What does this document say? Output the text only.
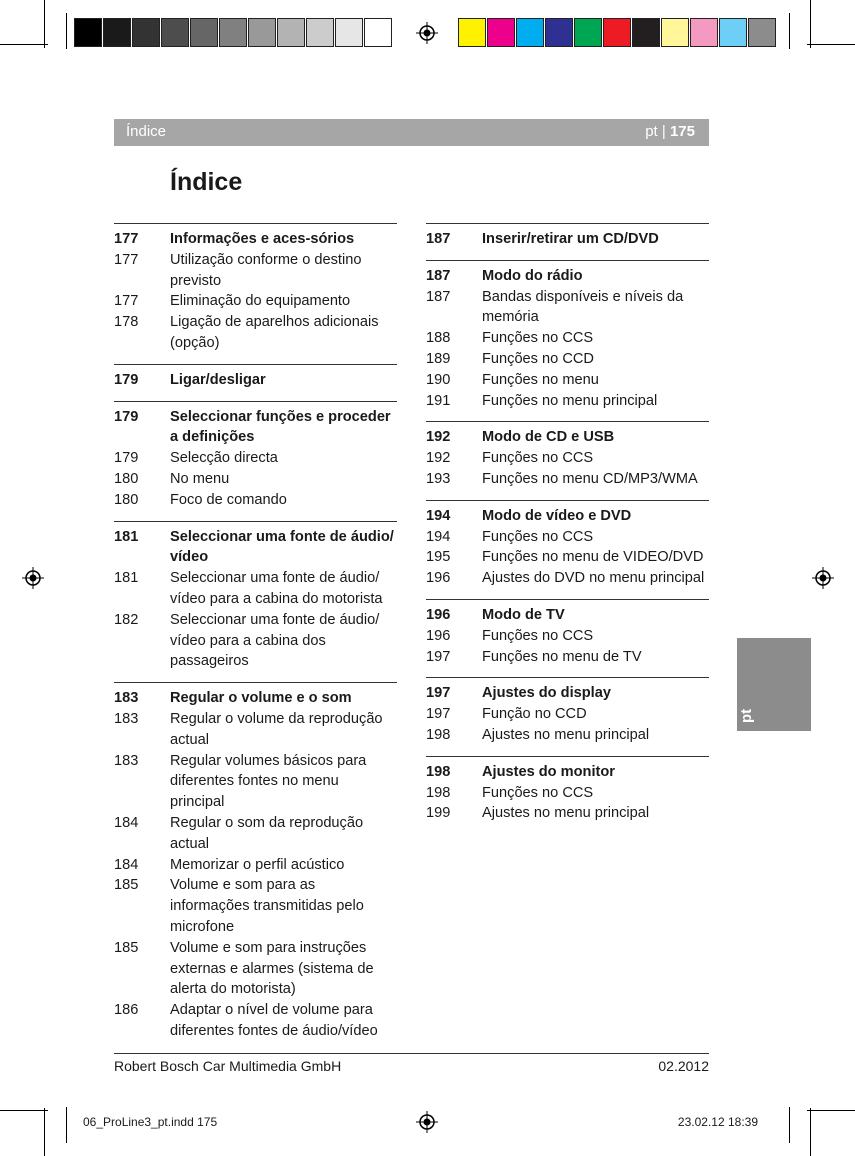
Índice	pt | 175
Índice
177 Informações e aces-sórios
177 Utilização conforme o destino previsto
177 Eliminação do equipamento
178 Ligação de aparelhos adicionais (opção)
179 Ligar/desligar
179 Seleccionar funções e proceder a definições
179 Selecção directa
180 No menu
180 Foco de comando
181 Seleccionar uma fonte de áudio/ vídeo
181 Seleccionar uma fonte de áudio/ vídeo para a cabina do motorista
182 Seleccionar uma fonte de áudio/ vídeo para a cabina dos passageiros
183 Regular o volume e o som
183 Regular o volume da reprodução actual
183 Regular volumes básicos para diferentes fontes no menu principal
184 Regular o som da reprodução actual
184 Memorizar o perfil acústico
185 Volume e som para as informações transmitidas pelo microfone
185 Volume e som para instruções externas e alarmes (sistema de alerta do motorista)
186 Adaptar o nível de volume para diferentes fontes de áudio/vídeo
187 Inserir/retirar um CD/DVD
187 Modo do rádio
187 Bandas disponíveis e níveis da memória
188 Funções no CCS
189 Funções no CCD
190 Funções no menu
191 Funções no menu principal
192 Modo de CD e USB
192 Funções no CCS
193 Funções no menu CD/MP3/WMA
194 Modo de vídeo e DVD
194 Funções no CCS
195 Funções no menu de VIDEO/DVD
196 Ajustes do DVD no menu principal
196 Modo de TV
196 Funções no CCS
197 Funções no menu de TV
197 Ajustes do display
197 Função no CCD
198 Ajustes no menu principal
198 Ajustes do monitor
198 Funções no CCS
199 Ajustes no menu principal
pt
Robert Bosch Car Multimedia GmbH	02.2012
06_ProLine3_pt.indd 175	23.02.12 18:39
